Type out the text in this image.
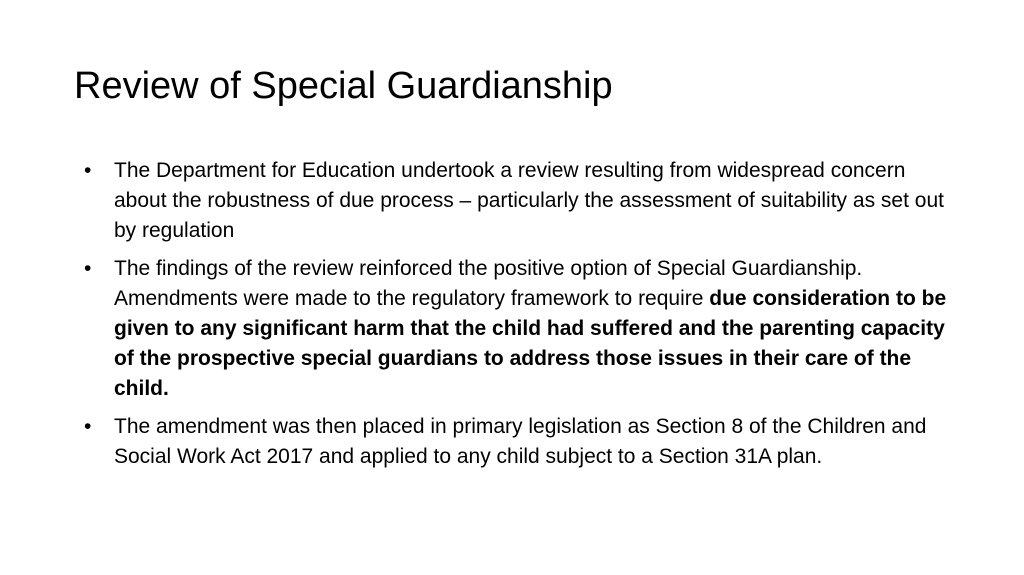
Review of Special Guardianship
• The Department for Education undertook a review resulting from widespread concern about the robustness of due process – particularly the assessment of suitability as set out by regulation
• The findings of the review reinforced the positive option of Special Guardianship. Amendments were made to the regulatory framework to require due consideration to be given to any significant harm that the child had suffered and the parenting capacity of the prospective special guardians to address those issues in their care of the child.
• The amendment was then placed in primary legislation as Section 8 of the Children and Social Work Act 2017 and applied to any child subject to a Section 31A plan.
